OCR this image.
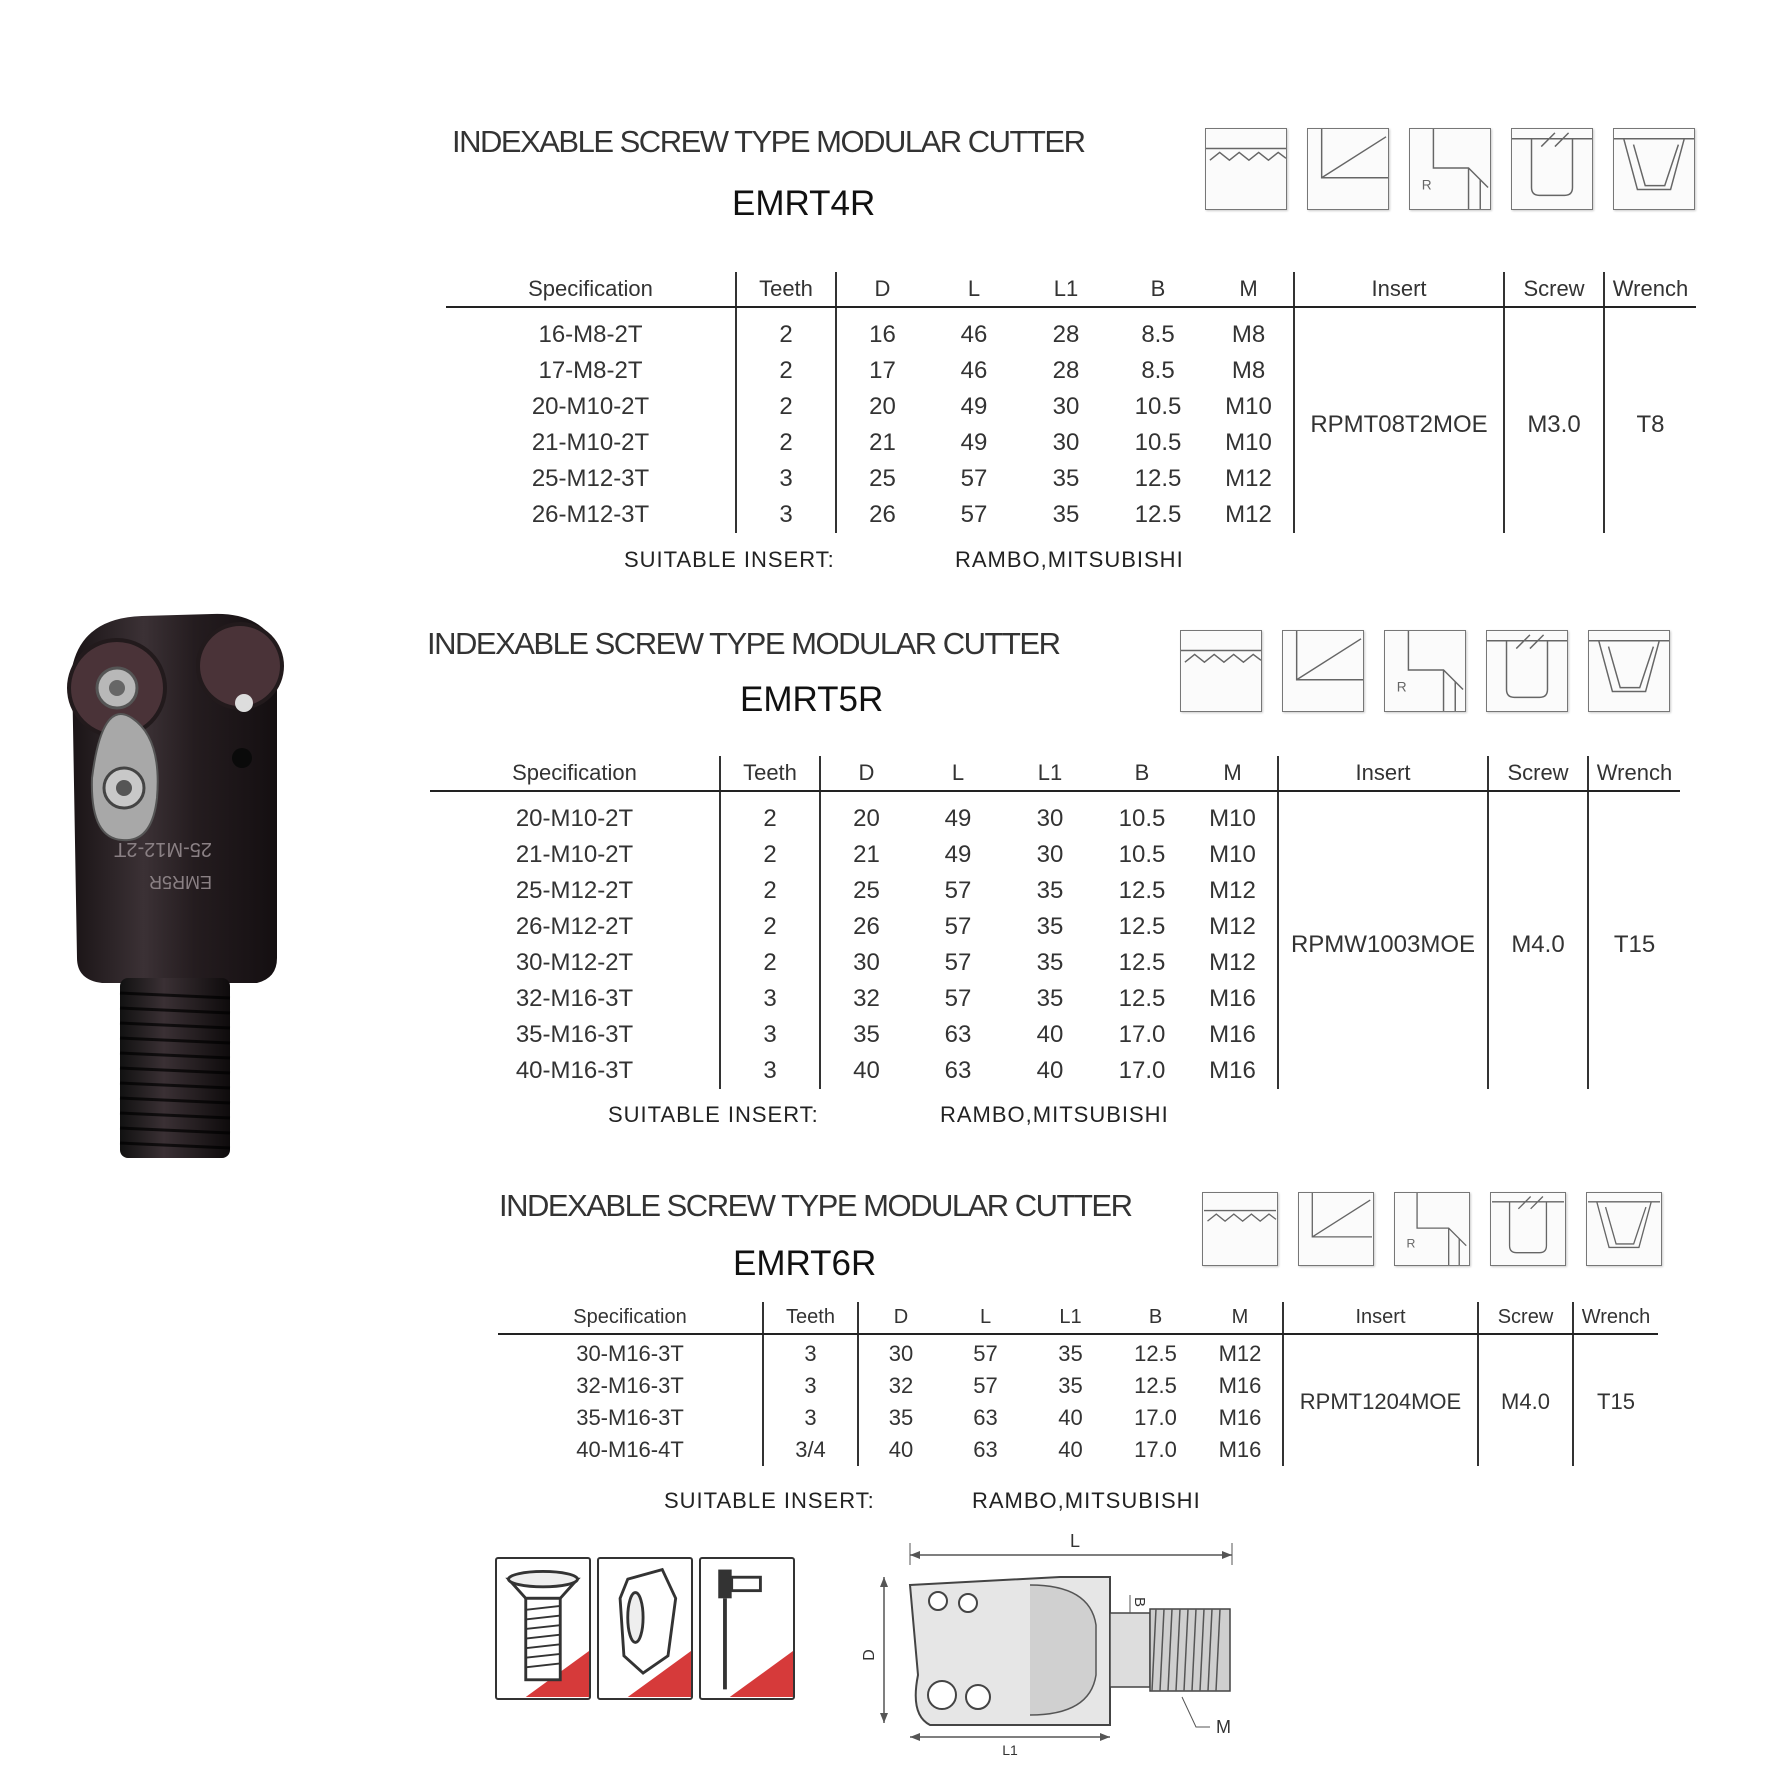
25-M12-2T
EMR5R
INDEXABLE SCREW TYPE MODULAR CUTTER
EMRT4R	R
Specification	Teeth	D	L	L1	B	M	Insert	Screw	Wrench

16-M8-2T	2	16	46	28	8.5	M8	RPMT08T2MOE	M3.0	T8
17-M8-2T	2	17	46	28	8.5	M8			
20-M10-2T	2	20	49	30	10.5	M10			
21-M10-2T	2	21	49	30	10.5	M10			
25-M12-3T	3	25	57	35	12.5	M12			
26-M12-3T	3	26	57	35	12.5	M12			
SUITABLE INSERT:	RAMBO,MITSUBISHI
INDEXABLE SCREW TYPE MODULAR CUTTER
EMRT5R	R
Specification	Teeth	D	L	L1	B	M	Insert	Screw	Wrench

20-M10-2T	2	20	49	30	10.5	M10	RPMW1003MOE	M4.0	T15
21-M10-2T	2	21	49	30	10.5	M10			
25-M12-2T	2	25	57	35	12.5	M12			
26-M12-2T	2	26	57	35	12.5	M12			
30-M12-2T	2	30	57	35	12.5	M12			
32-M16-3T	3	32	57	35	12.5	M16			
35-M16-3T	3	35	63	40	17.0	M16			
40-M16-3T	3	40	63	40	17.0	M16			
SUITABLE INSERT:	RAMBO,MITSUBISHI
INDEXABLE SCREW TYPE MODULAR CUTTER
EMRT6R
R
Specification	Teeth	D	L	L1	B	M	Insert	Screw	Wrench

30-M16-3T	3	30	57	35	12.5	M12	RPMT1204MOE	M4.0	T15
32-M16-3T	3	32	57	35	12.5	M16			
35-M16-3T	3	35	63	40	17.0	M16			
40-M16-4T	3/4	40	63	40	17.0	M16			
SUITABLE INSERT:	RAMBO,MITSUBISHI
L
D
B
M
L1
